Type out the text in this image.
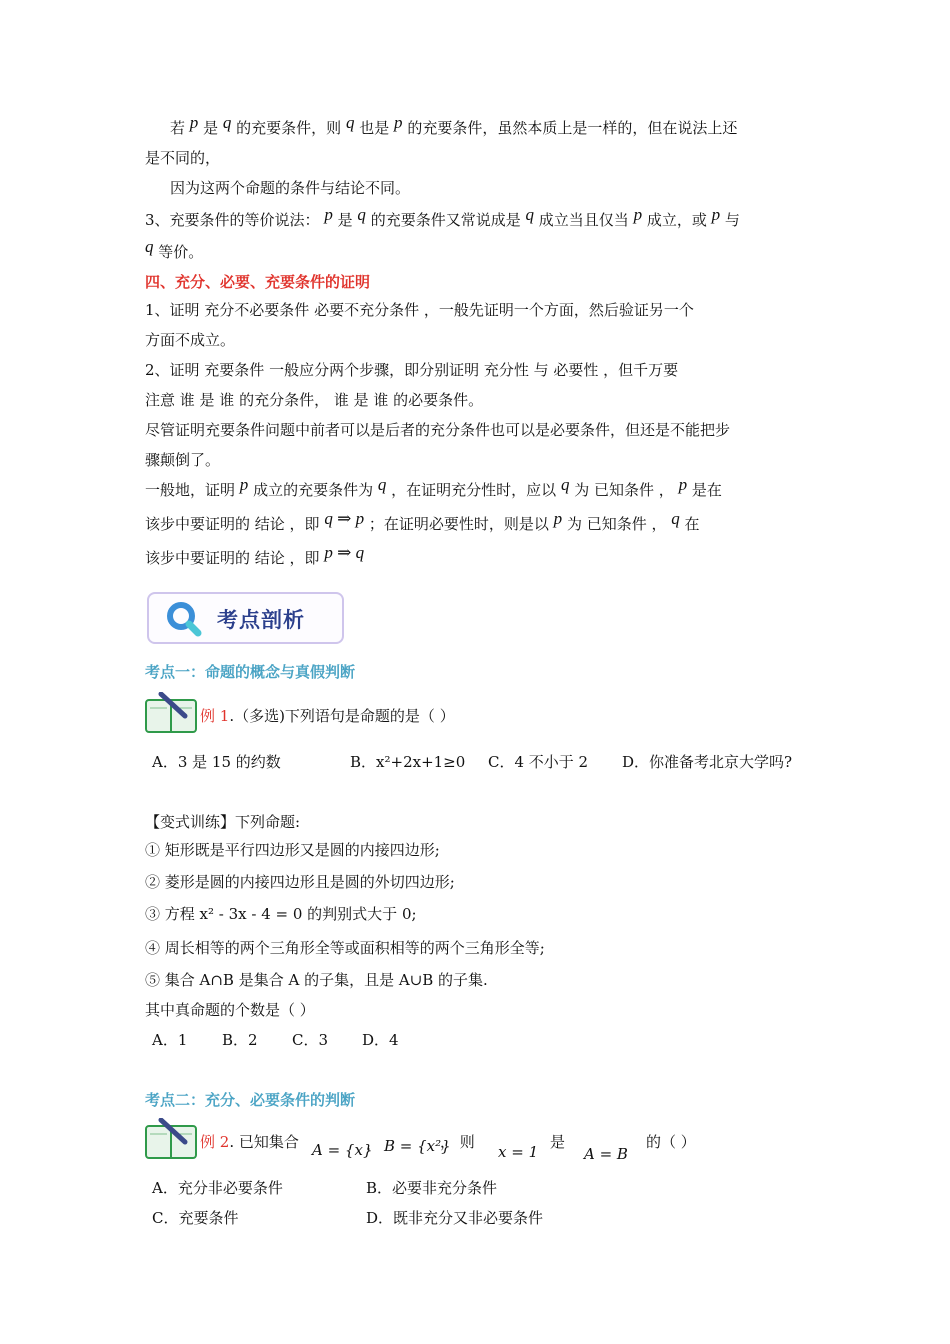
若 p 是 q 的充要条件，则 q 也是 p 的充要条件，虽然本质上是一样的，但在说法上还
是不同的，
因为这两个命题的条件与结论不同。
3、充要条件的等价说法： p 是 q 的充要条件又常说成是 q 成立当且仅当 p 成立，或 p 与
q 等价。
四、充分、必要、充要条件的证明
1、证明 充分不必要条件 必要不充分条件 ，一般先证明一个方面，然后验证另一个
方面不成立。
2、证明 充要条件 一般应分两个步骤，即分别证明 充分性 与 必要性 ，但千万要
注意 谁 是 谁 的充分条件， 谁 是 谁 的必要条件。
尽管证明充要条件问题中前者可以是后者的充分条件也可以是必要条件，但还是不能把步
骤颠倒了。
一般地，证明 p 成立的充要条件为 q ，在证明充分性时，应以 q 为 已知条件 ， p 是在
该步中要证明的 结论 ，即 q ⇒ p ；在证明必要性时，则是以 p 为 已知条件 ， q 在
该步中要证明的 结论 ，即 p ⇒ q
考点剖析
考点一：命题的概念与真假判断
例 1.（多选)下列语句是命题的是（ ）
A．3 是 15 的约数	B．x²+2x+1≥0 C．4 不小于 2 D．你准备考北京大学吗?
【变式训练】下列命题:
① 矩形既是平行四边形又是圆的内接四边形;
② 菱形是圆的内接四边形且是圆的外切四边形;
③ 方程 x² - 3x - 4 = 0 的判别式大于 0;
④ 周长相等的两个三角形全等或面积相等的两个三角形全等;
⑤ 集合 A∩B 是集合 A 的子集，且是 A∪B 的子集.
其中真命题的个数是（ ）
A．1 B．2 C．3 D．4
考点二：充分、必要条件的判断
例 2. 已知集合 A = {x}
， B = {x²}
， 则
x = 1
是
A = B
的（ ）
A．充分非必要条件	B．必要非充分条件
C．充要条件	D．既非充分又非必要条件
